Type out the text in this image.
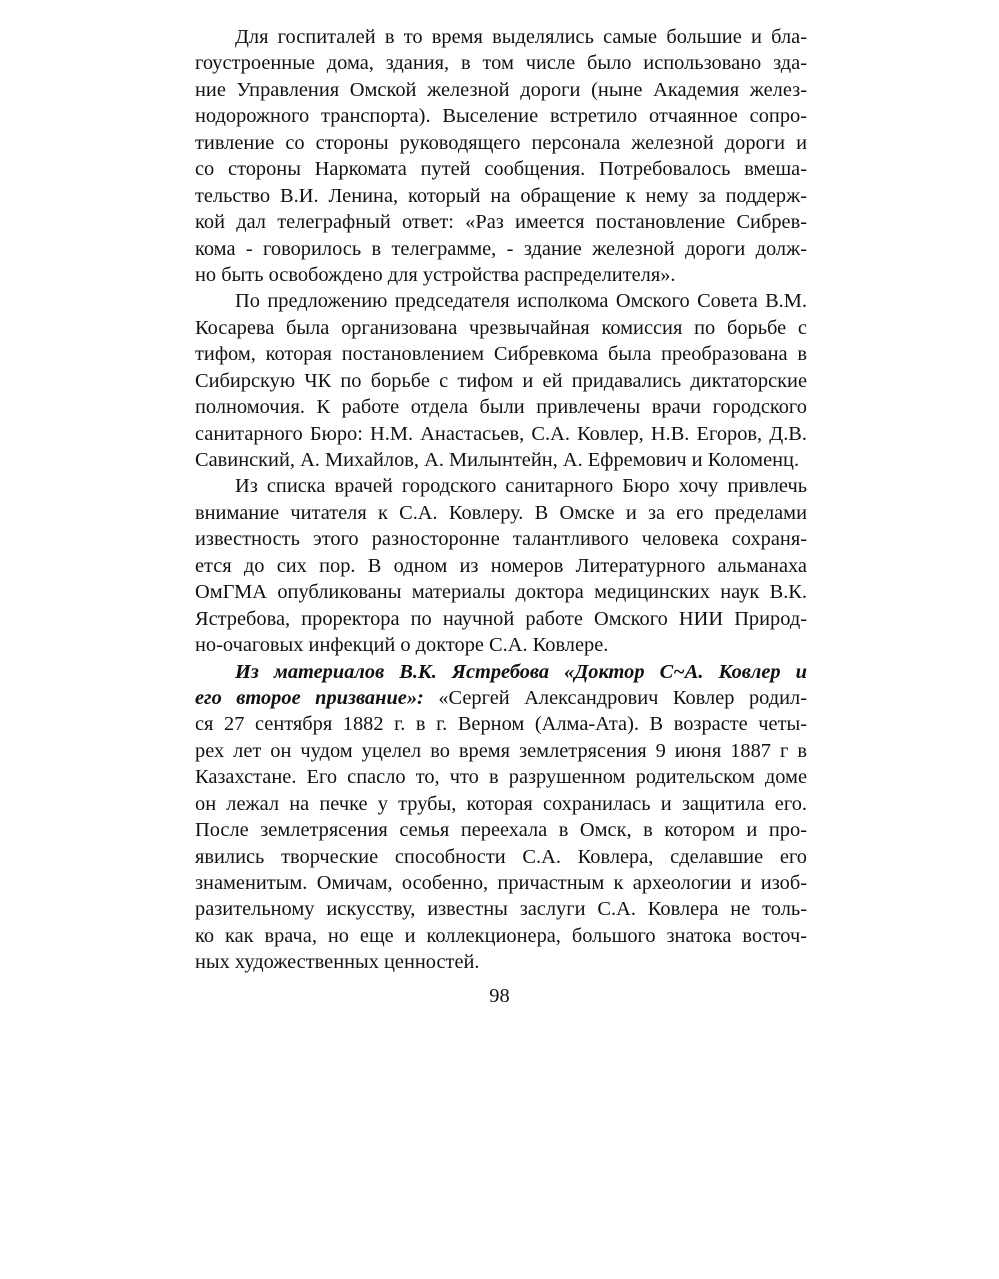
Для госпиталей в то время выделялись самые большие и бла-
гоустроенные дома, здания, в том числе было использовано зда-
ние Управления Омской железной дороги (ныне Академия желез-
нодорожного транспорта). Выселение встретило отчаянное сопро-
тивление со стороны руководящего персонала железной дороги и
со стороны Наркомата путей сообщения. Потребовалось вмеша-
тельство В.И. Ленина, который на обращение к нему за поддерж-
кой дал телеграфный ответ: «Раз имеется постановление Сибрев-
кома - говорилось в телеграмме, - здание железной дороги долж-
но быть освобождено для устройства распределителя».
По предложению председателя исполкома Омского Совета В.М.
Косарева была организована чрезвычайная комиссия по борьбе с
тифом, которая постановлением Сибревкома была преобразована в
Сибирскую ЧК по борьбе с тифом и ей придавались диктаторские
полномочия. К работе отдела были привлечены врачи городского
санитарного Бюро: Н.М. Анастасьев, С.А. Ковлер, Н.В. Егоров, Д.В.
Савинский, А. Михайлов, А. Милынтейн, А. Ефремович и Коломенц.
Из списка врачей городского санитарного Бюро хочу привлечь
внимание читателя к С.А. Ковлеру. В Омске и за его пределами
известность этого разносторонне талантливого человека сохраня-
ется до сих пор. В одном из номеров Литературного альманаха
ОмГМА опубликованы материалы доктора медицинских наук В.К.
Ястребова, проректора по научной работе Омского НИИ Природ-
но-очаговых инфекций о докторе С.А. Ковлере.
Из материалов В.К. Ястребова «Доктор С~А. Ковлер и
его второе призвание»: «Сергей Александрович Ковлер родил-
ся 27 сентября 1882 г. в г. Верном (Алма-Ата). В возрасте четы-
рех лет он чудом уцелел во время землетрясения 9 июня 1887 г в
Казахстане. Его спасло то, что в разрушенном родительском доме
он лежал на печке у трубы, которая сохранилась и защитила его.
После землетрясения семья переехала в Омск, в котором и про-
явились творческие способности С.А. Ковлера, сделавшие его
знаменитым. Омичам, особенно, причастным к археологии и изоб-
разительному искусству, известны заслуги С.А. Ковлера не толь-
ко как врача, но еще и коллекционера, большого знатока восточ-
ных художественных ценностей.
98
